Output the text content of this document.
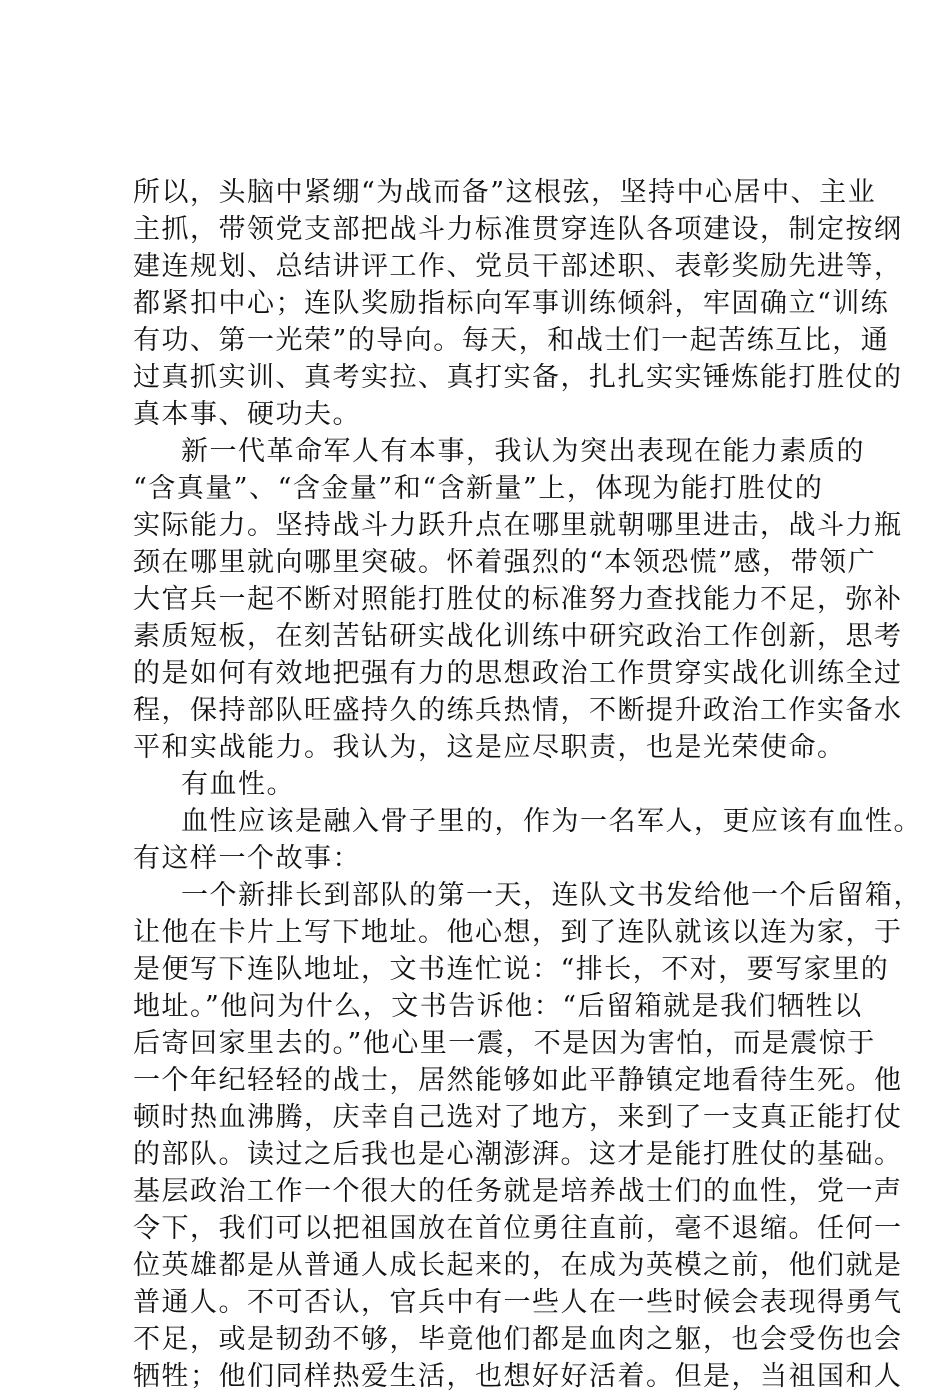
所以，头脑中紧绷“为战而备”这根弦，坚持中心居中、主业
主抓，带领党支部把战斗力标准贯穿连队各项建设，制定按纲
建连规划、总结讲评工作、党员干部述职、表彰奖励先进等，
都紧扣中心；连队奖励指标向军事训练倾斜，牢固确立“训练
有功、第一光荣”的导向。每天，和战士们一起苦练互比，通
过真抓实训、真考实拉、真打实备，扎扎实实锤炼能打胜仗的
真本事、硬功夫。
新一代革命军人有本事，我认为突出表现在能力素质的
“含真量”、“含金量”和“含新量”上，体现为能打胜仗的
实际能力。坚持战斗力跃升点在哪里就朝哪里进击，战斗力瓶
颈在哪里就向哪里突破。怀着强烈的“本领恐慌”感，带领广
大官兵一起不断对照能打胜仗的标准努力查找能力不足，弥补
素质短板，在刻苦钻研实战化训练中研究政治工作创新，思考
的是如何有效地把强有力的思想政治工作贯穿实战化训练全过
程，保持部队旺盛持久的练兵热情，不断提升政治工作实备水
平和实战能力。我认为，这是应尽职责，也是光荣使命。
有血性。
血性应该是融入骨子里的，作为一名军人，更应该有血性。
有这样一个故事：
一个新排长到部队的第一天，连队文书发给他一个后留箱，
让他在卡片上写下地址。他心想，到了连队就该以连为家，于
是便写下连队地址，文书连忙说：“排长，不对，要写家里的
地址。”他问为什么，文书告诉他：“后留箱就是我们牺牲以
后寄回家里去的。”他心里一震，不是因为害怕，而是震惊于
一个年纪轻轻的战士，居然能够如此平静镇定地看待生死。他
顿时热血沸腾，庆幸自己选对了地方，来到了一支真正能打仗
的部队。读过之后我也是心潮澎湃。这才是能打胜仗的基础。
基层政治工作一个很大的任务就是培养战士们的血性，党一声
令下，我们可以把祖国放在首位勇往直前，毫不退缩。任何一
位英雄都是从普通人成长起来的，在成为英模之前，他们就是
普通人。不可否认，官兵中有一些人在一些时候会表现得勇气
不足，或是韧劲不够，毕竟他们都是血肉之躯，也会受伤也会
牺牲；他们同样热爱生活，也想好好活着。但是，当祖国和人
